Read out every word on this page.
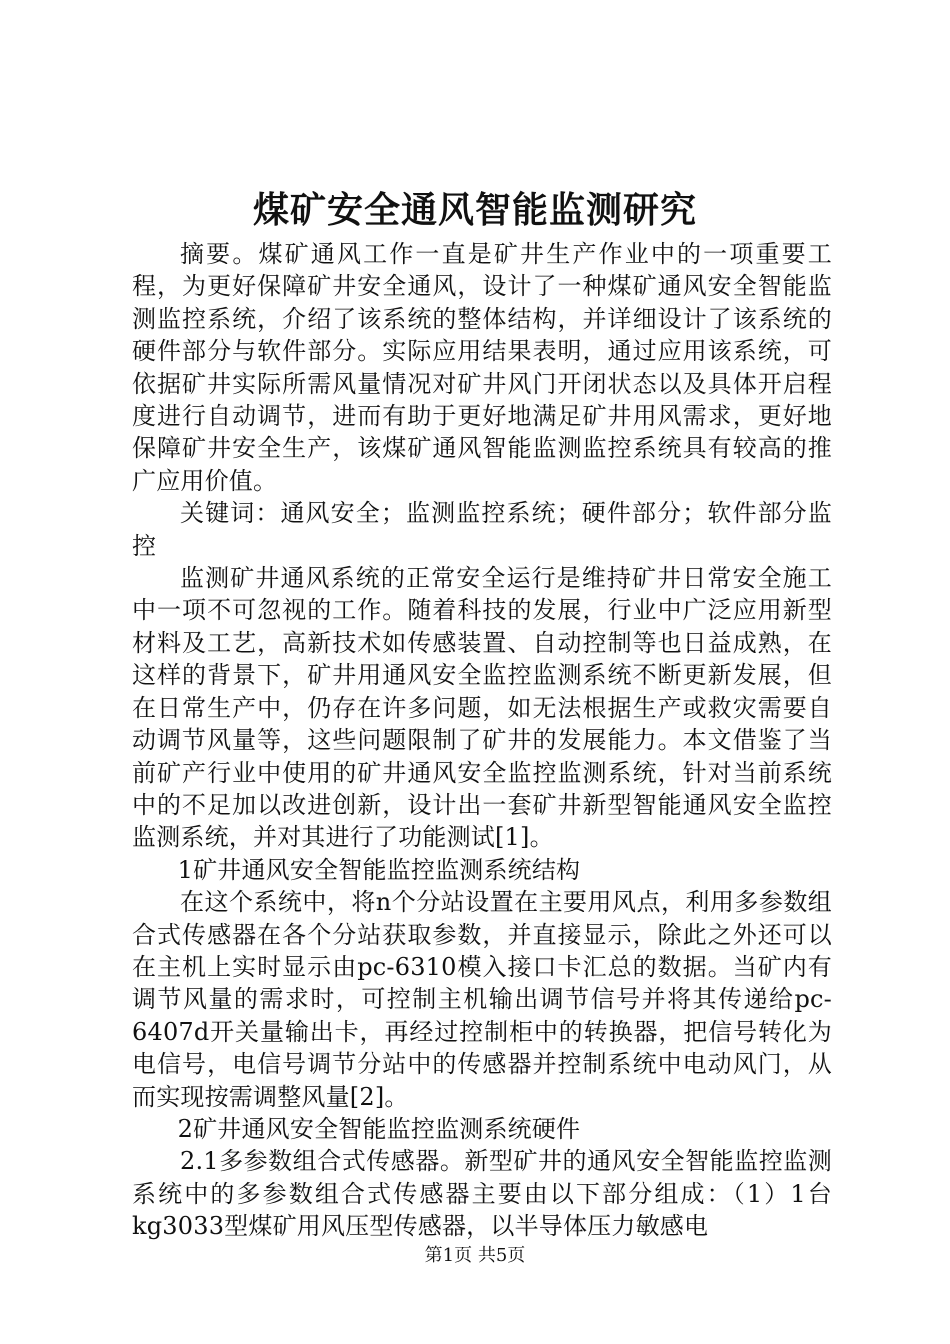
煤矿安全通风智能监测研究

摘要。煤矿通风工作一直是矿井生产作业中的一项重要工程，为更好保障矿井安全通风，设计了一种煤矿通风安全智能监测监控系统，介绍了该系统的整体结构，并详细设计了该系统的硬件部分与软件部分。实际应用结果表明，通过应用该系统，可依据矿井实际所需风量情况对矿井风门开闭状态以及具体开启程度进行自动调节，进而有助于更好地满足矿井用风需求，更好地保障矿井安全生产，该煤矿通风智能监测监控系统具有较高的推广应用价值。

关键词：通风安全；监测监控系统；硬件部分；软件部分监控

监测矿井通风系统的正常安全运行是维持矿井日常安全施工中一项不可忽视的工作。随着科技的发展，行业中广泛应用新型材料及工艺，高新技术如传感装置、自动控制等也日益成熟，在这样的背景下，矿井用通风安全监控监测系统不断更新发展，但在日常生产中，仍存在许多问题，如无法根据生产或救灾需要自动调节风量等，这些问题限制了矿井的发展能力。本文借鉴了当前矿产行业中使用的矿井通风安全监控监测系统，针对当前系统中的不足加以改进创新，设计出一套矿井新型智能通风安全监控监测系统，并对其进行了功能测试[1]。

1矿井通风安全智能监控监测系统结构

在这个系统中，将n个分站设置在主要用风点，利用多参数组合式传感器在各个分站获取参数，并直接显示，除此之外还可以在主机上实时显示由pc-6310模入接口卡汇总的数据。当矿内有调节风量的需求时，可控制主机输出调节信号并将其传递给pc-6407d开关量输出卡，再经过控制柜中的转换器，把信号转化为电信号，电信号调节分站中的传感器并控制系统中电动风门，从而实现按需调整风量[2]。

2矿井通风安全智能监控监测系统硬件

2.1多参数组合式传感器。新型矿井的通风安全智能监控监测系统中的多参数组合式传感器主要由以下部分组成：（1）1台kg3033型煤矿用风压型传感器，以半导体压力敏感电

第1页 共5页
